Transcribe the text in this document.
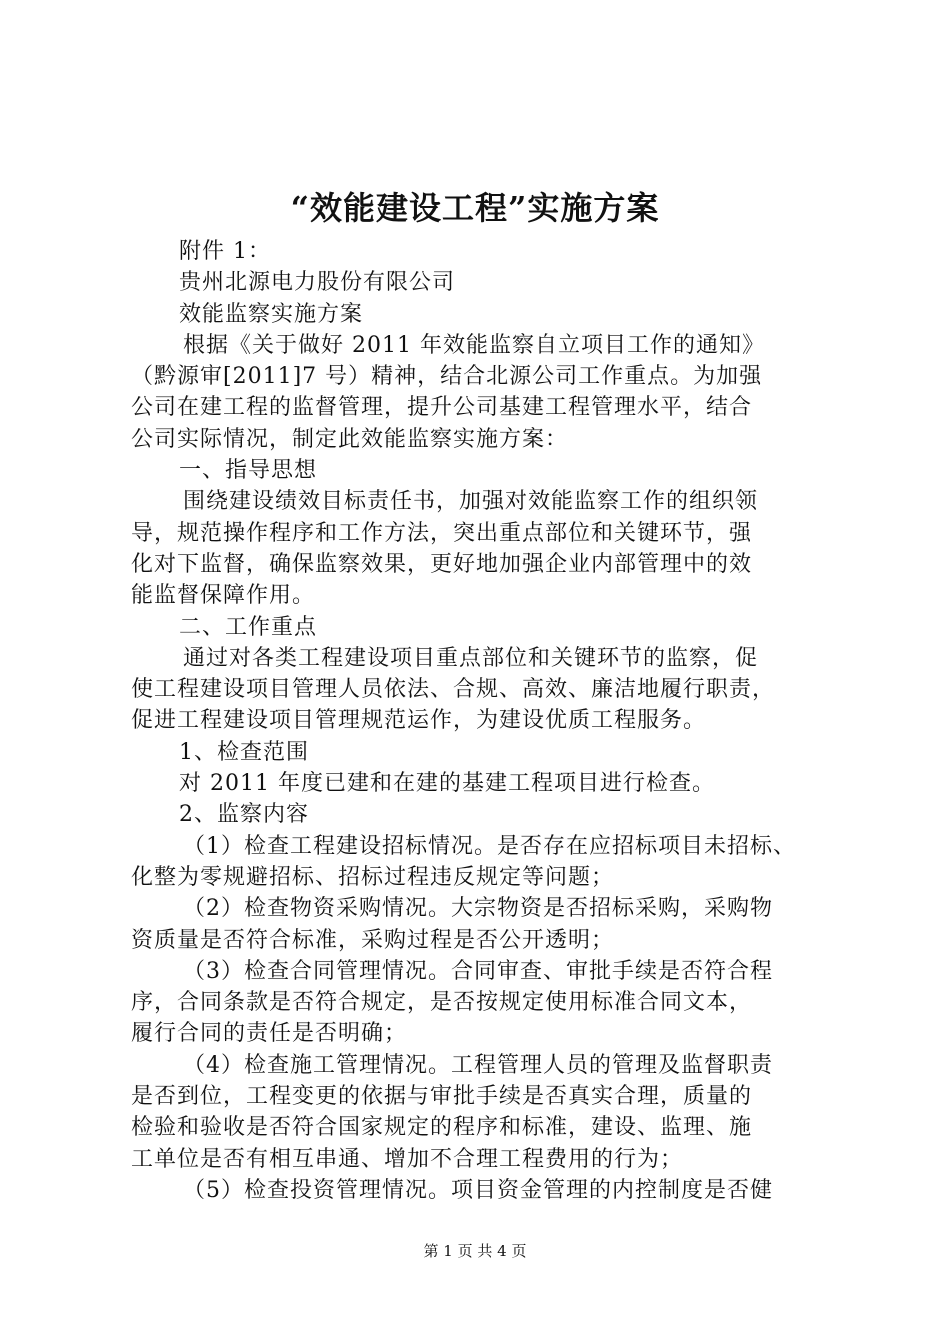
“效能建设工程”实施方案
附件 1：
贵州北源电力股份有限公司
效能监察实施方案
根据《关于做好 2011 年效能监察自立项目工作的通知》
（黔源审[2011]7 号）精神，结合北源公司工作重点。为加强
公司在建工程的监督管理，提升公司基建工程管理水平，结合
公司实际情况，制定此效能监察实施方案：
一、指导思想
围绕建设绩效目标责任书，加强对效能监察工作的组织领
导，规范操作程序和工作方法，突出重点部位和关键环节，强
化对下监督，确保监察效果，更好地加强企业内部管理中的效
能监督保障作用。
二、工作重点
通过对各类工程建设项目重点部位和关键环节的监察，促
使工程建设项目管理人员依法、合规、高效、廉洁地履行职责，
促进工程建设项目管理规范运作，为建设优质工程服务。
1、检查范围
对 2011 年度已建和在建的基建工程项目进行检查。
2、监察内容
（1）检查工程建设招标情况。是否存在应招标项目未招标、
化整为零规避招标、招标过程违反规定等问题；
（2）检查物资采购情况。大宗物资是否招标采购，采购物
资质量是否符合标准，采购过程是否公开透明；
（3）检查合同管理情况。合同审查、审批手续是否符合程
序，合同条款是否符合规定，是否按规定使用标准合同文本，
履行合同的责任是否明确；
（4）检查施工管理情况。工程管理人员的管理及监督职责
是否到位，工程变更的依据与审批手续是否真实合理，质量的
检验和验收是否符合国家规定的程序和标准，建设、监理、施
工单位是否有相互串通、增加不合理工程费用的行为；
（5）检查投资管理情况。项目资金管理的内控制度是否健
第 1 页 共 4 页
